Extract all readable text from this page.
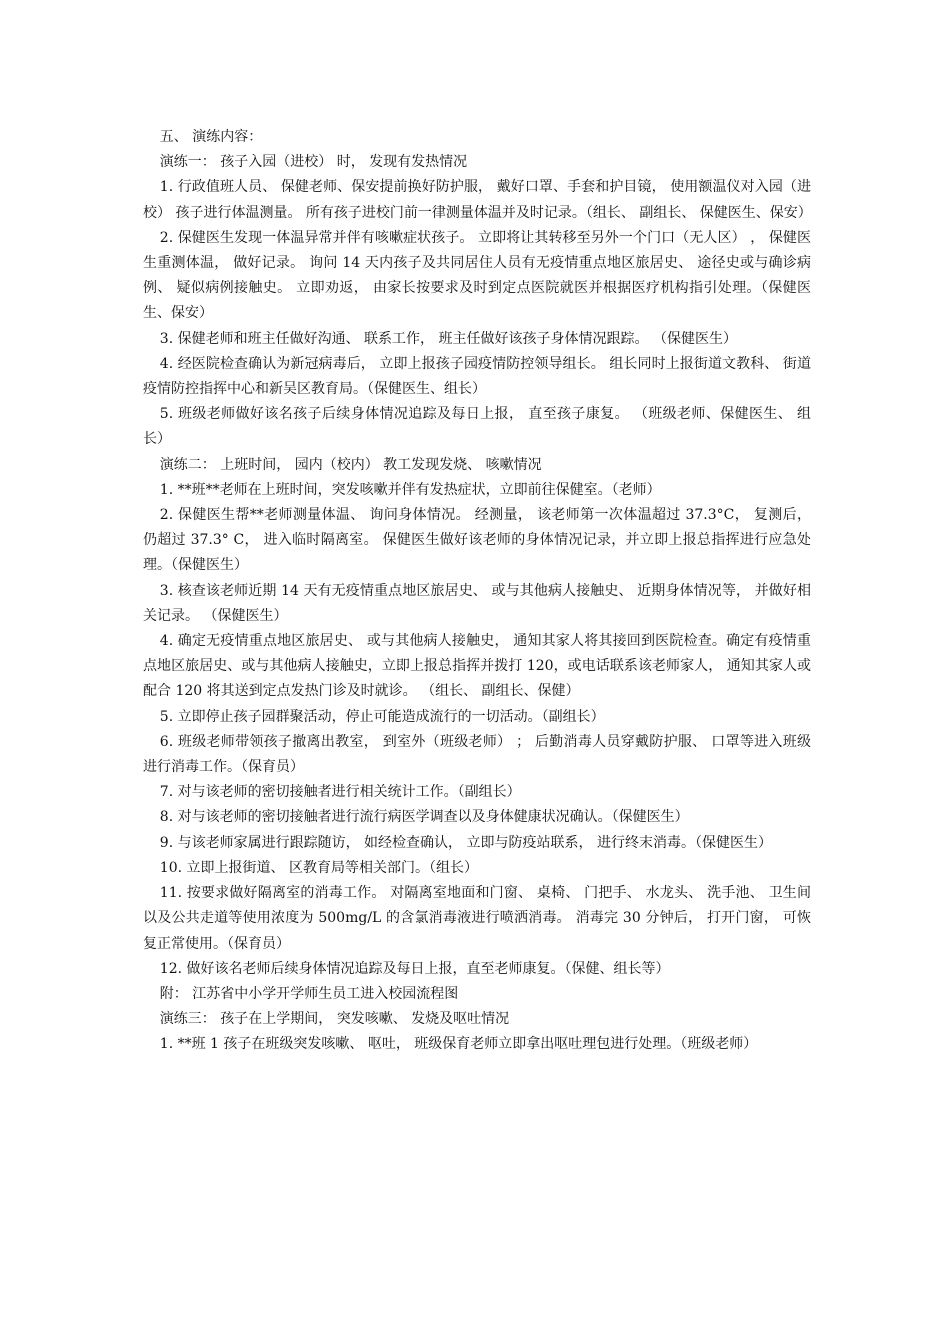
五、 演练内容：

演练一： 孩子入园（进校） 时， 发现有发热情况

1. 行政值班人员、 保健老师、保安提前换好防护服， 戴好口罩、手套和护目镜， 使用额温仪对入园（进校） 孩子进行体温测量。 所有孩子进校门前一律测量体温并及时记录。（组长、 副组长、 保健医生、保安）

2. 保健医生发现一体温异常并伴有咳嗽症状孩子。 立即将让其转移至另外一个门口（无人区） ， 保健医生重测体温， 做好记录。 询问 14 天内孩子及共同居住人员有无疫情重点地区旅居史、 途径史或与确诊病例、 疑似病例接触史。 立即劝返， 由家长按要求及时到定点医院就医并根据医疗机构指引处理。（保健医生、保安）

3. 保健老师和班主任做好沟通、 联系工作， 班主任做好该孩子身体情况跟踪。 （保健医生）

4. 经医院检查确认为新冠病毒后， 立即上报孩子园疫情防控领导组长。 组长同时上报街道文教科、 街道疫情防控指挥中心和新吴区教育局。（保健医生、组长）

5. 班级老师做好该名孩子后续身体情况追踪及每日上报， 直至孩子康复。 （班级老师、保健医生、 组长）

演练二： 上班时间， 园内（校内） 教工发现发烧、 咳嗽情况

1. **班**老师在上班时间，突发咳嗽并伴有发热症状，立即前往保健室。（老师）

2. 保健医生帮**老师测量体温、 询问身体情况。 经测量， 该老师第一次体温超过 37.3°C， 复测后， 仍超过 37.3° C， 进入临时隔离室。 保健医生做好该老师的身体情况记录，并立即上报总指挥进行应急处理。（保健医生）

3. 核查该老师近期 14 天有无疫情重点地区旅居史、 或与其他病人接触史、 近期身体情况等， 并做好相关记录。 （保健医生）

4. 确定无疫情重点地区旅居史、 或与其他病人接触史， 通知其家人将其接回到医院检查。确定有疫情重点地区旅居史、或与其他病人接触史，立即上报总指挥并拨打 120，或电话联系该老师家人， 通知其家人或配合 120 将其送到定点发热门诊及时就诊。 （组长、 副组长、保健）

5. 立即停止孩子园群聚活动，停止可能造成流行的一切活动。（副组长）

6. 班级老师带领孩子撤离出教室， 到室外（班级老师） ； 后勤消毒人员穿戴防护服、 口罩等进入班级进行消毒工作。（保育员）

7. 对与该老师的密切接触者进行相关统计工作。（副组长）

8. 对与该老师的密切接触者进行流行病医学调查以及身体健康状况确认。（保健医生）

9. 与该老师家属进行跟踪随访， 如经检查确认， 立即与防疫站联系， 进行终末消毒。（保健医生）

10. 立即上报街道、 区教育局等相关部门。（组长）

11. 按要求做好隔离室的消毒工作。 对隔离室地面和门窗、 桌椅、 门把手、 水龙头、 洗手池、 卫生间以及公共走道等使用浓度为 500mg/L 的含氯消毒液进行喷洒消毒。 消毒完 30 分钟后， 打开门窗， 可恢复正常使用。（保育员）

12. 做好该名老师后续身体情况追踪及每日上报，直至老师康复。（保健、组长等）

附： 江苏省中小学开学师生员工进入校园流程图

演练三： 孩子在上学期间， 突发咳嗽、 发烧及呕吐情况

1. **班 1 孩子在班级突发咳嗽、 呕吐， 班级保育老师立即拿出呕吐理包进行处理。（班级老师）
